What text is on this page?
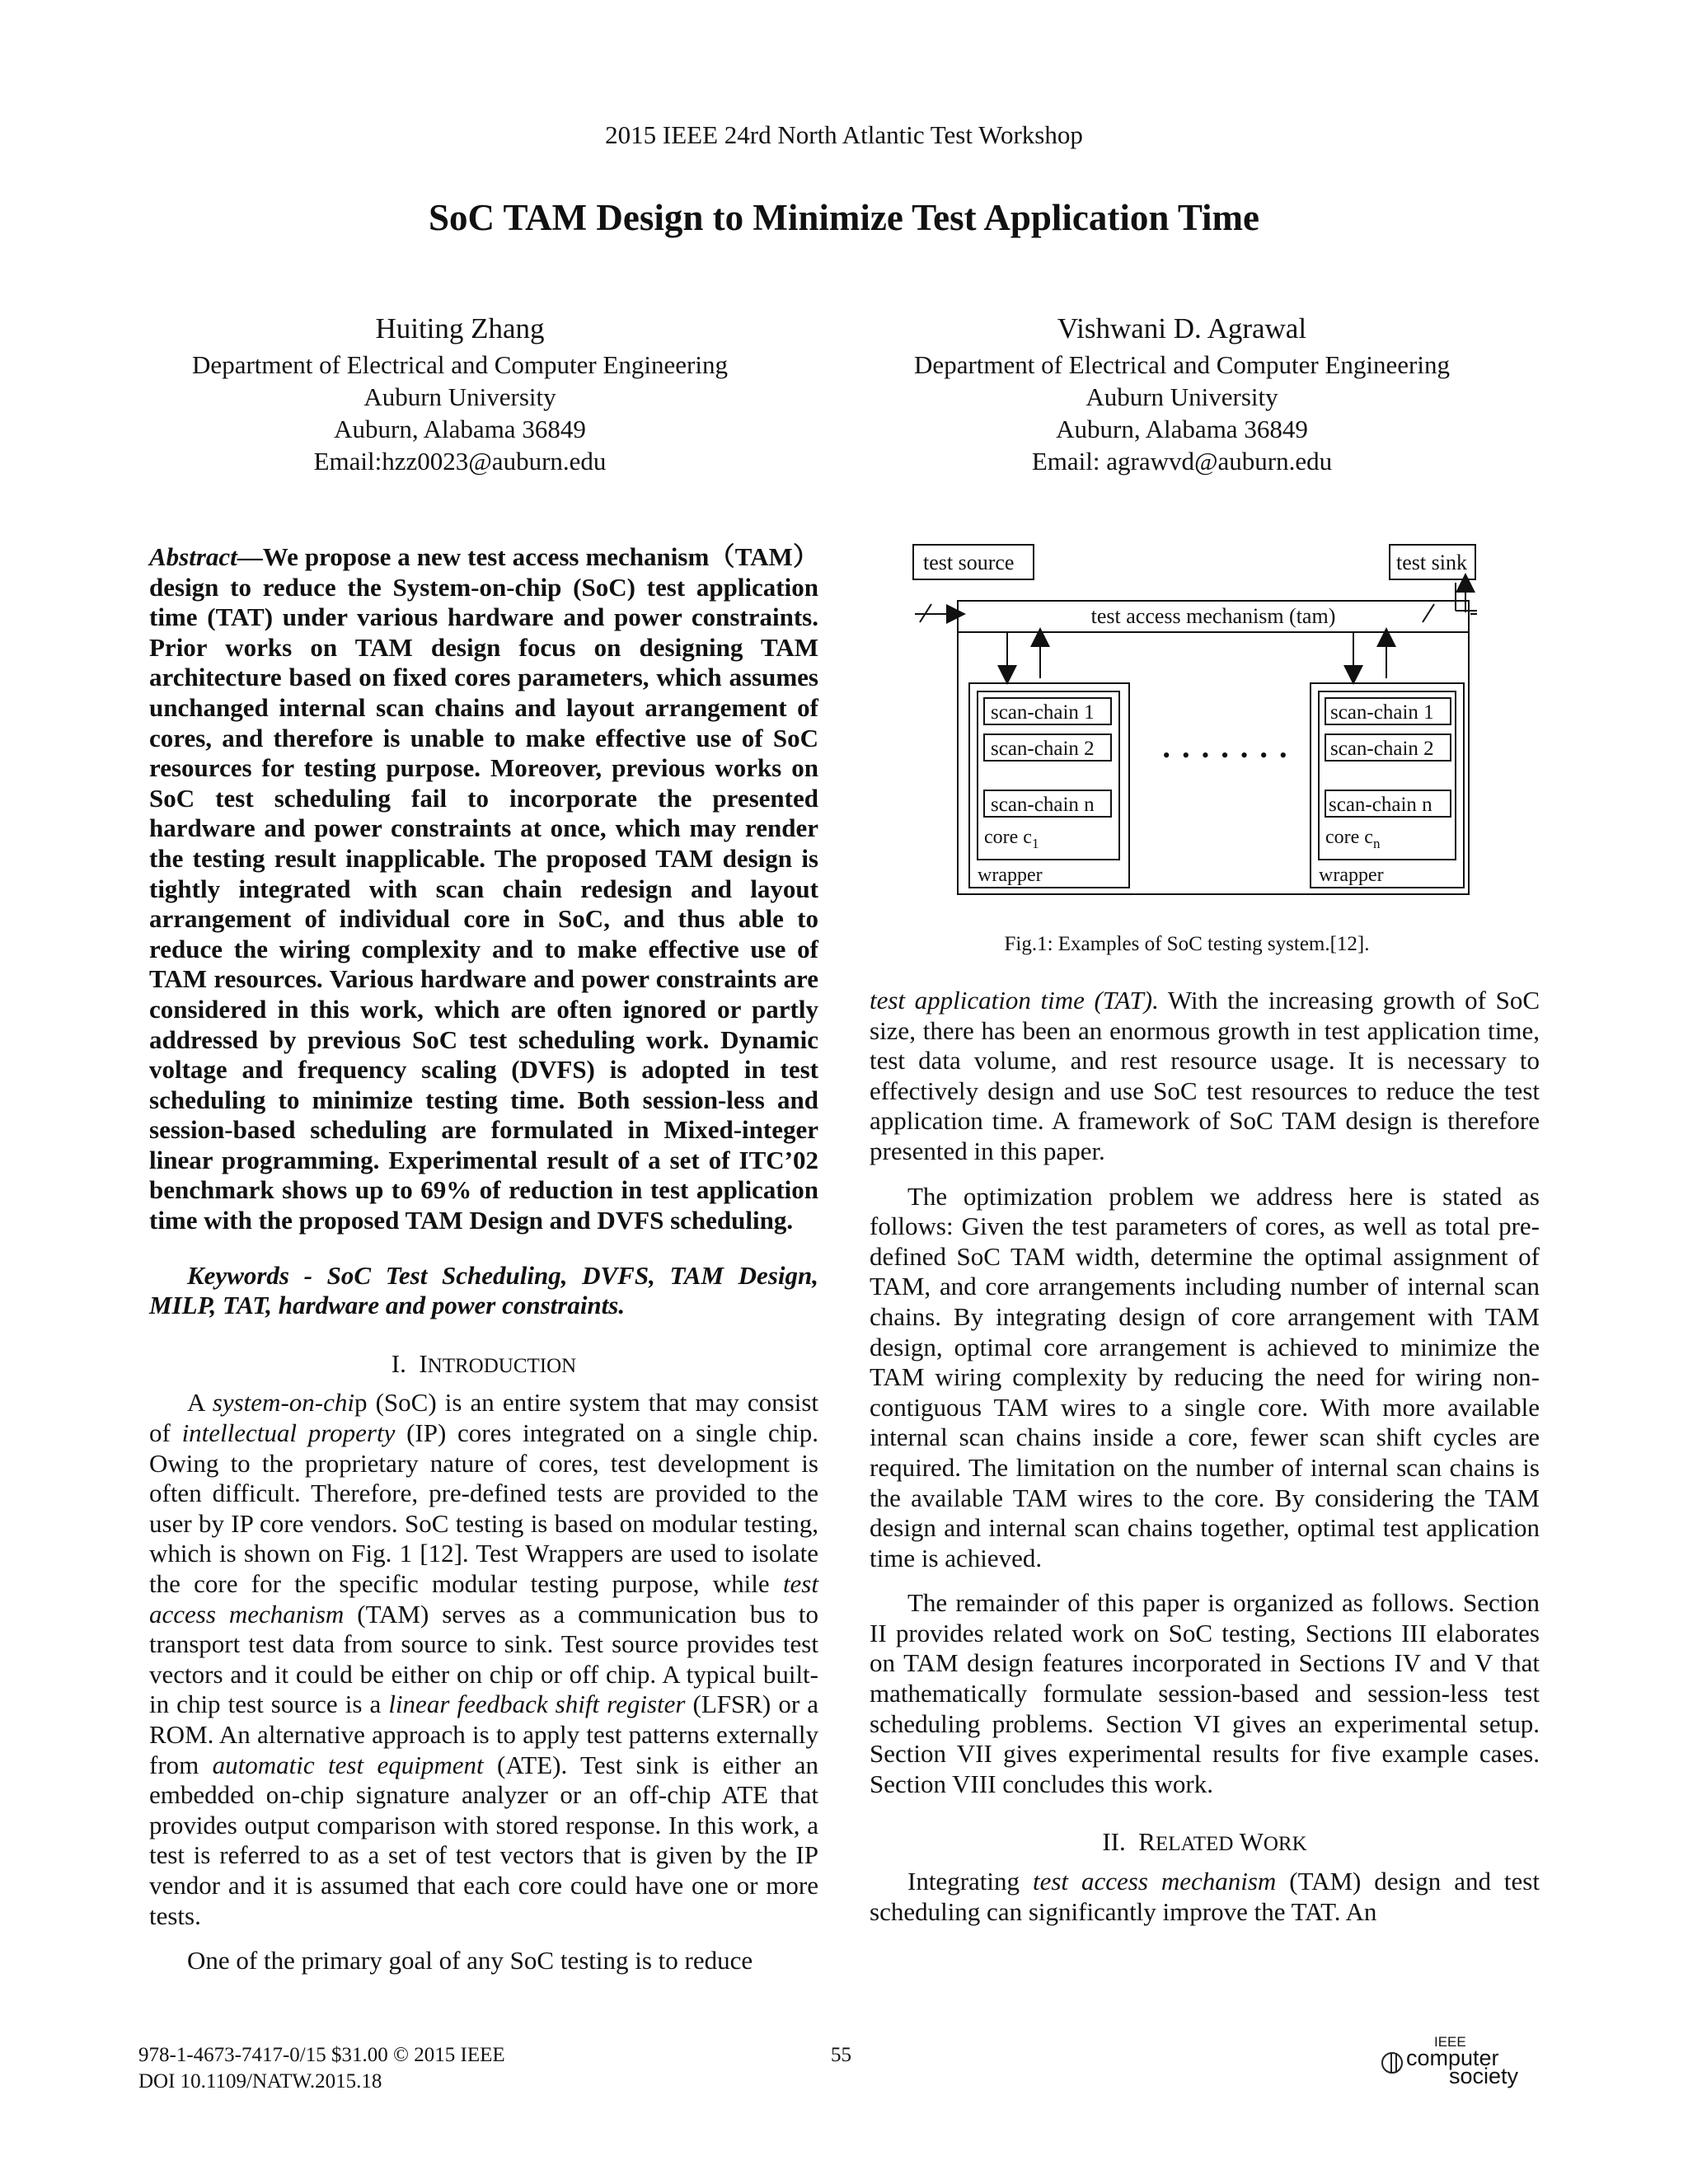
2015 IEEE 24rd North Atlantic Test Workshop
SoC TAM Design to Minimize Test Application Time
Huiting Zhang
Department of Electrical and Computer Engineering
Auburn University
Auburn, Alabama 36849
Email:hzz0023@auburn.edu
Vishwani D. Agrawal
Department of Electrical and Computer Engineering
Auburn University
Auburn, Alabama 36849
Email: agrawvd@auburn.edu

Abstract—We propose a new test access mechanism（TAM）design to reduce the System-on-chip (SoC) test application time (TAT) under various hardware and power constraints. Prior works on TAM design focus on designing TAM architecture based on fixed cores parameters, which assumes unchanged internal scan chains and layout arrangement of cores, and therefore is unable to make effective use of SoC resources for testing purpose. Moreover, previous works on SoC test scheduling fail to incorporate the presented hardware and power constraints at once, which may render the testing result inapplicable. The proposed TAM design is tightly integrated with scan chain redesign and layout arrangement of individual core in SoC, and thus able to reduce the wiring complexity and to make effective use of TAM resources. Various hardware and power constraints are considered in this work, which are often ignored or partly addressed by previous SoC test scheduling work. Dynamic voltage and frequency scaling (DVFS) is adopted in test scheduling to minimize testing time. Both session-less and session-based scheduling are formulated in Mixed-integer linear programming. Experimental result of a set of ITC’02 benchmark shows up to 69% of reduction in test application time with the proposed TAM Design and DVFS scheduling.

Keywords - SoC Test Scheduling, DVFS, TAM Design, MILP, TAT, hardware and power constraints.

I. INTRODUCTION

A system-on-chip (SoC) is an entire system that may consist of intellectual property (IP) cores integrated on a single chip. Owing to the proprietary nature of cores, test development is often difficult. Therefore, pre-defined tests are provided to the user by IP core vendors. SoC testing is based on modular testing, which is shown on Fig. 1 [12]. Test Wrappers are used to isolate the core for the specific modular testing purpose, while test access mechanism (TAM) serves as a communication bus to transport test data from source to sink. Test source provides test vectors and it could be either on chip or off chip. A typical built-in chip test source is a linear feedback shift register (LFSR) or a ROM. An alternative approach is to apply test patterns externally from automatic test equipment (ATE). Test sink is either an embedded on-chip signature analyzer or an off-chip ATE that provides output comparison with stored response. In this work, a test is referred to as a set of test vectors that is given by the IP vendor and it is assumed that each core could have one or more tests.

One of the primary goal of any SoC testing is to reduce

test source	test sink
test access mechanism (tam)
scan-chain 1
scan-chain 2
scan-chain n
core $c_1$
wrapper
• • • • • • •
scan-chain 1
scan-chain 2
scan-chain n
core $c_n$
wrapper
Fig.1: Examples of SoC testing system.[12].

test application time (TAT). With the increasing growth of SoC size, there has been an enormous growth in test application time, test data volume, and rest resource usage. It is necessary to effectively design and use SoC test resources to reduce the test application time. A framework of SoC TAM design is therefore presented in this paper.

The optimization problem we address here is stated as follows: Given the test parameters of cores, as well as total pre-defined SoC TAM width, determine the optimal assignment of TAM, and core arrangements including number of internal scan chains. By integrating design of core arrangement with TAM design, optimal core arrangement is achieved to minimize the TAM wiring complexity by reducing the need for wiring non-contiguous TAM wires to a single core. With more available internal scan chains inside a core, fewer scan shift cycles are required. The limitation on the number of internal scan chains is the available TAM wires to the core. By considering the TAM design and internal scan chains together, optimal test application time is achieved.

The remainder of this paper is organized as follows. Section II provides related work on SoC testing, Sections III elaborates on TAM design features incorporated in Sections IV and V that mathematically formulate session-based and session-less test scheduling problems. Section VI gives an experimental setup. Section VII gives experimental results for five example cases. Section VIII concludes this work.

II. RELATED WORK

Integrating test access mechanism (TAM) design and test scheduling can significantly improve the TAT. An

978-1-4673-7417-0/15 $31.00 © 2015 IEEE
DOI 10.1109/NATW.2015.18
55
IEEE
computer
society
